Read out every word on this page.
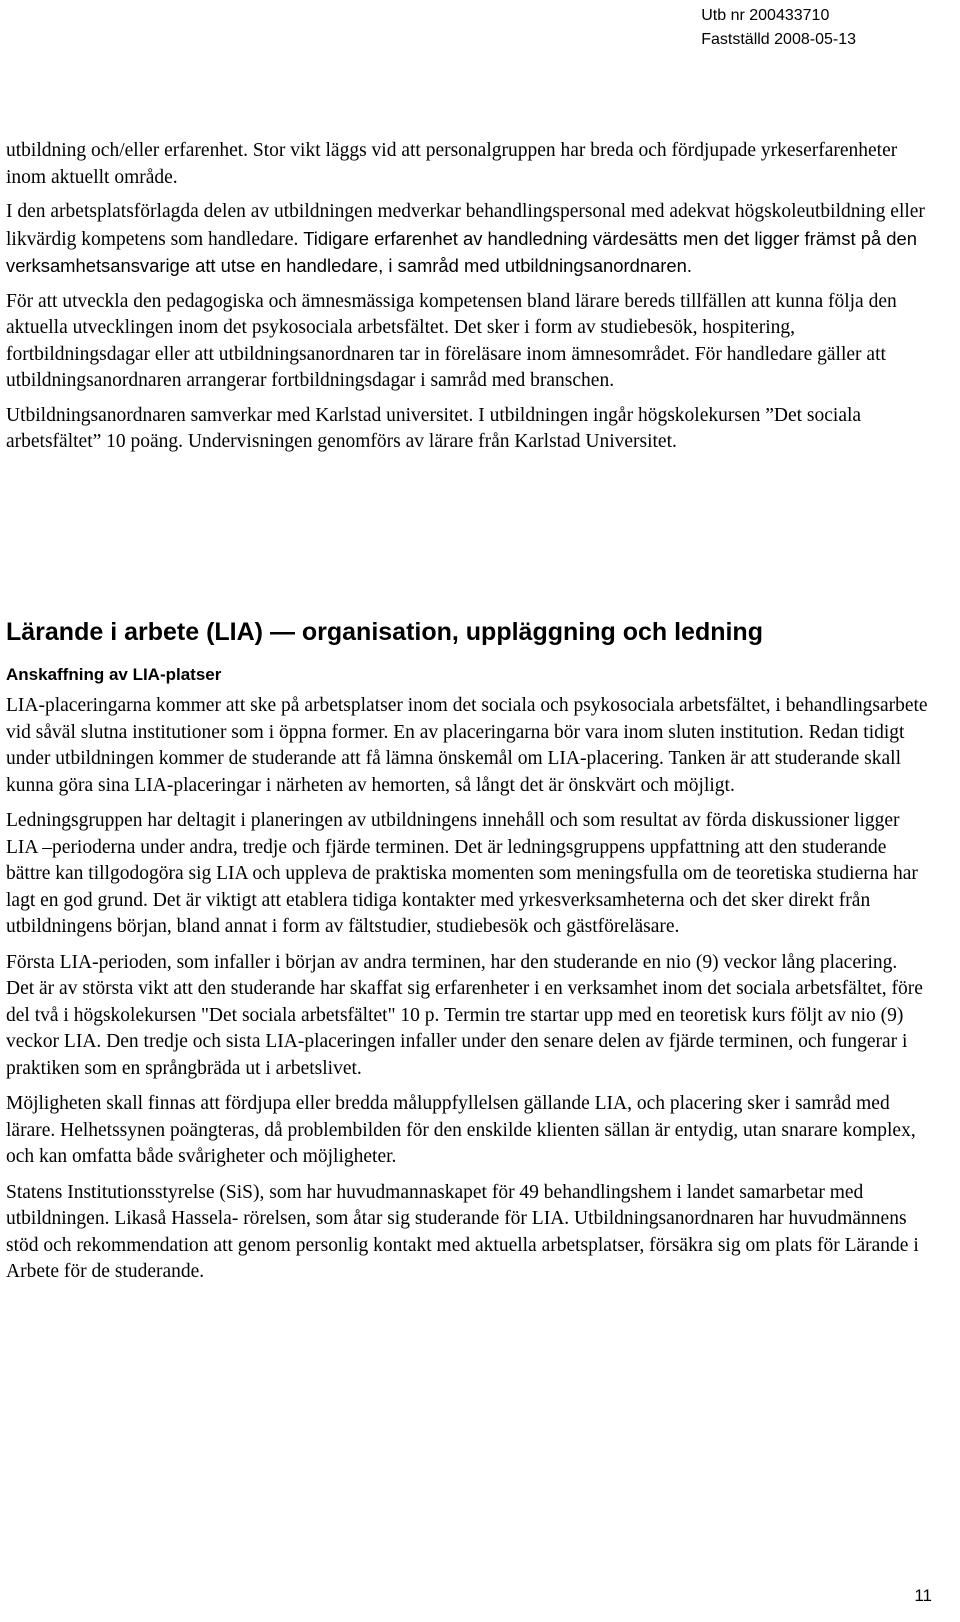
Utb nr 200433710
Fastställd 2008-05-13

utbildning och/eller erfarenhet. Stor vikt läggs vid att personalgruppen har breda och fördjupade yrkeserfarenheter inom aktuellt område.

I den arbetsplatsförlagda delen av utbildningen medverkar behandlingspersonal med adekvat högskoleutbildning eller likvärdig kompetens som handledare. Tidigare erfarenhet av handledning värdesätts men det ligger främst på den verksamhetsansvarige att utse en handledare, i samråd med utbildningsanordnaren.

För att utveckla den pedagogiska och ämnesmässiga kompetensen bland lärare bereds tillfällen att kunna följa den aktuella utvecklingen inom det psykosociala arbetsfältet. Det sker i form av studiebesök, hospitering, fortbildningsdagar eller att utbildningsanordnaren tar in föreläsare inom ämnesområdet. För handledare gäller att utbildningsanordnaren arrangerar fortbildningsdagar i samråd med branschen.

Utbildningsanordnaren samverkar med Karlstad universitet. I utbildningen ingår högskolekursen ”Det sociala arbetsfältet” 10 poäng. Undervisningen genomförs av lärare från Karlstad Universitet.

Lärande i arbete (LIA) — organisation, uppläggning och ledning
Anskaffning av LIA-platser

LIA-placeringarna kommer att ske på arbetsplatser inom det sociala och psykosociala arbetsfältet, i behandlingsarbete vid såväl slutna institutioner som i öppna former. En av placeringarna bör vara inom sluten institution. Redan tidigt under utbildningen kommer de studerande att få lämna önskemål om LIA-placering. Tanken är att studerande skall kunna göra sina LIA-placeringar i närheten av hemorten, så långt det är önskvärt och möjligt.

Ledningsgruppen har deltagit i planeringen av utbildningens innehåll och som resultat av förda diskussioner ligger LIA –perioderna under andra, tredje och fjärde terminen. Det är ledningsgruppens uppfattning att den studerande bättre kan tillgodogöra sig LIA och uppleva de praktiska momenten som meningsfulla om de teoretiska studierna har lagt en god grund. Det är viktigt att etablera tidiga kontakter med yrkesverksamheterna och det sker direkt från utbildningens början, bland annat i form av fältstudier, studiebesök och gästföreläsare.

Första LIA-perioden, som infaller i början av andra terminen, har den studerande en nio (9) veckor lång placering. Det är av största vikt att den studerande har skaffat sig erfarenheter i en verksamhet inom det sociala arbetsfältet, före del två i högskolekursen "Det sociala arbetsfältet" 10 p. Termin tre startar upp med en teoretisk kurs följt av nio (9) veckor LIA. Den tredje och sista LIA-placeringen infaller under den senare delen av fjärde terminen, och fungerar i praktiken som en språngbräda ut i arbetslivet.

Möjligheten skall finnas att fördjupa eller bredda måluppfyllelsen gällande LIA, och placering sker i samråd med lärare. Helhetssynen poängteras, då problembilden för den enskilde klienten sällan är entydig, utan snarare komplex, och kan omfatta både svårigheter och möjligheter.

Statens Institutionsstyrelse (SiS), som har huvudmannaskapet för 49 behandlingshem i landet samarbetar med utbildningen. Likaså Hassela- rörelsen, som åtar sig studerande för LIA. Utbildningsanordnaren har huvudmännens stöd och rekommendation att genom personlig kontakt med aktuella arbetsplatser, försäkra sig om plats för Lärande i Arbete för de studerande.

11
